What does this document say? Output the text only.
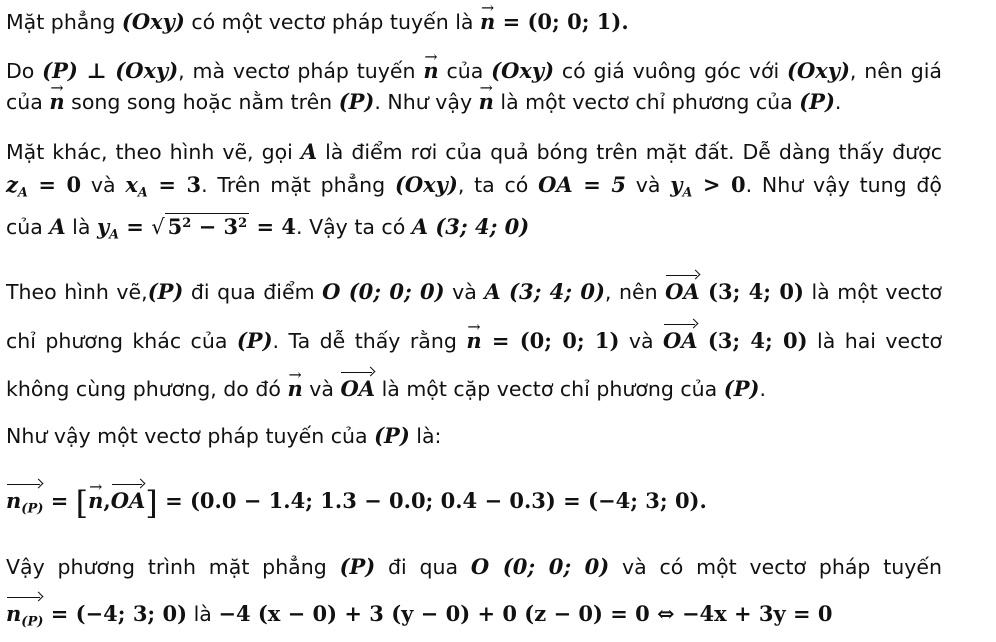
Mặt phẳng (Oxy) có một vectơ pháp tuyến là → n = (0; 0; 1).
Do (P) ⊥ (Oxy), mà vectơ pháp tuyến → n của (Oxy) có giá vuông góc với (Oxy), nên giá
của → n song song hoặc nằm trên (P). Như vậy → n là một vectơ chỉ phương của (P).
Mặt khác, theo hình vẽ, gọi A là điểm rơi của quả bóng trên mặt đất. Dễ dàng thấy được
$z_A = 0$ và $x_A = 3$. Trên mặt phẳng (Oxy), ta có OA = 5 và $y_A > 0$. Như vậy tung độ
của A là $y_A$ = √ $5^2 - 3^2 = 4$. Vậy ta có A (3; 4; 0)
Theo hình vẽ,(P) đi qua điểm O (0; 0; 0) và A (3; 4; 0), nên
OA (3; 4; 0) là một vectơ
chỉ phương khác của (P). Ta dễ thấy rằng → n = (0; 0; 1) và
OA (3; 4; 0) là hai vectơ
không cùng phương, do đó → n và
OA là một cặp vectơ chỉ phương của (P).
Như vậy một vectơ pháp tuyến của (P) là:
$n_{(P)}$ = [→ n,
OA] = (0.0 − 1.4; 1.3 − 0.0; 0.4 − 0.3) = (−4; 3; 0).
Vậy phương trình mặt phẳng (P) đi qua O (0; 0; 0) và có một vectơ pháp tuyến
$n_{(P)} = (-4$; 3; 0) là −4 (x − 0) + 3 (y − 0) + 0 (z − 0) = 0 ⇔ −4x + 3y = 0
